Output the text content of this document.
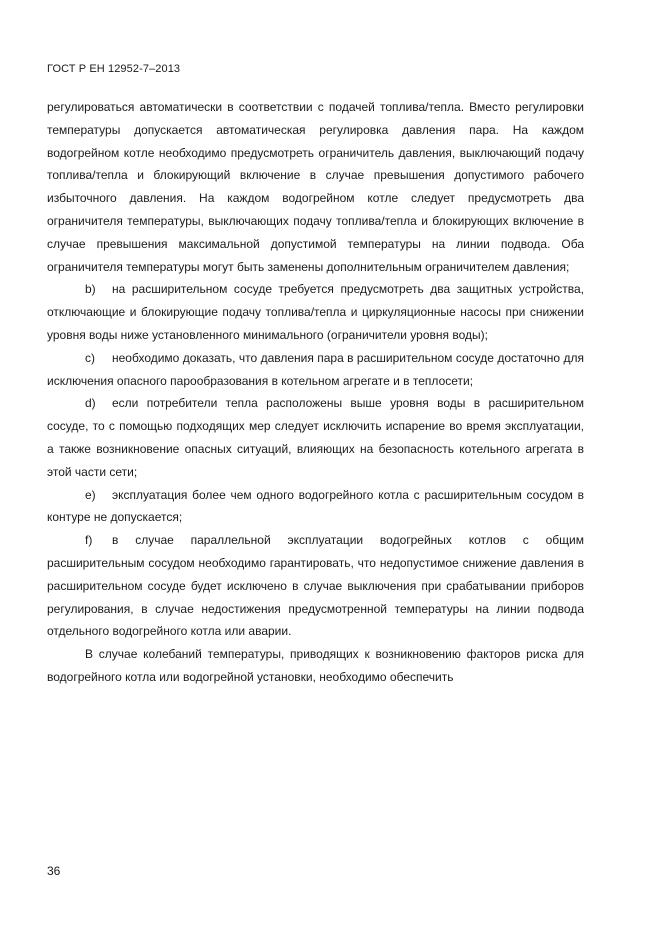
ГОСТ Р ЕН 12952-7–2013

регулироваться автоматически в соответствии с подачей топлива/тепла. Вместо регулировки температуры допускается автоматическая регулировка давления пара. На каждом водогрейном котле необходимо предусмотреть ограничитель давления, выключающий подачу топлива/тепла и блокирующий включение в случае превышения допустимого рабочего избыточного давления. На каждом водогрейном котле следует предусмотреть два ограничителя температуры, выключающих подачу топлива/тепла и блокирующих включение в случае превышения максимальной допустимой температуры на линии подвода. Оба ограничителя температуры могут быть заменены дополнительным ограничителем давления;

b) на расширительном сосуде требуется предусмотреть два защитных устройства, отключающие и блокирующие подачу топлива/тепла и циркуляционные насосы при снижении уровня воды ниже установленного минимального (ограничители уровня воды);

c) необходимо доказать, что давления пара в расширительном сосуде достаточно для исключения опасного парообразования в котельном агрегате и в теплосети;

d) если потребители тепла расположены выше уровня воды в расширительном сосуде, то с помощью подходящих мер следует исключить испарение во время эксплуатации, а также возникновение опасных ситуаций, влияющих на безопасность котельного агрегата в этой части сети;

e) эксплуатация более чем одного водогрейного котла с расширительным сосудом в контуре не допускается;

f) в случае параллельной эксплуатации водогрейных котлов с общим расширительным сосудом необходимо гарантировать, что недопустимое снижение давления в расширительном сосуде будет исключено в случае выключения при срабатывании приборов регулирования, в случае недостижения предусмотренной температуры на линии подвода отдельного водогрейного котла или аварии.

В случае колебаний температуры, приводящих к возникновению факторов риска для водогрейного котла или водогрейной установки, необходимо обеспечить

36
